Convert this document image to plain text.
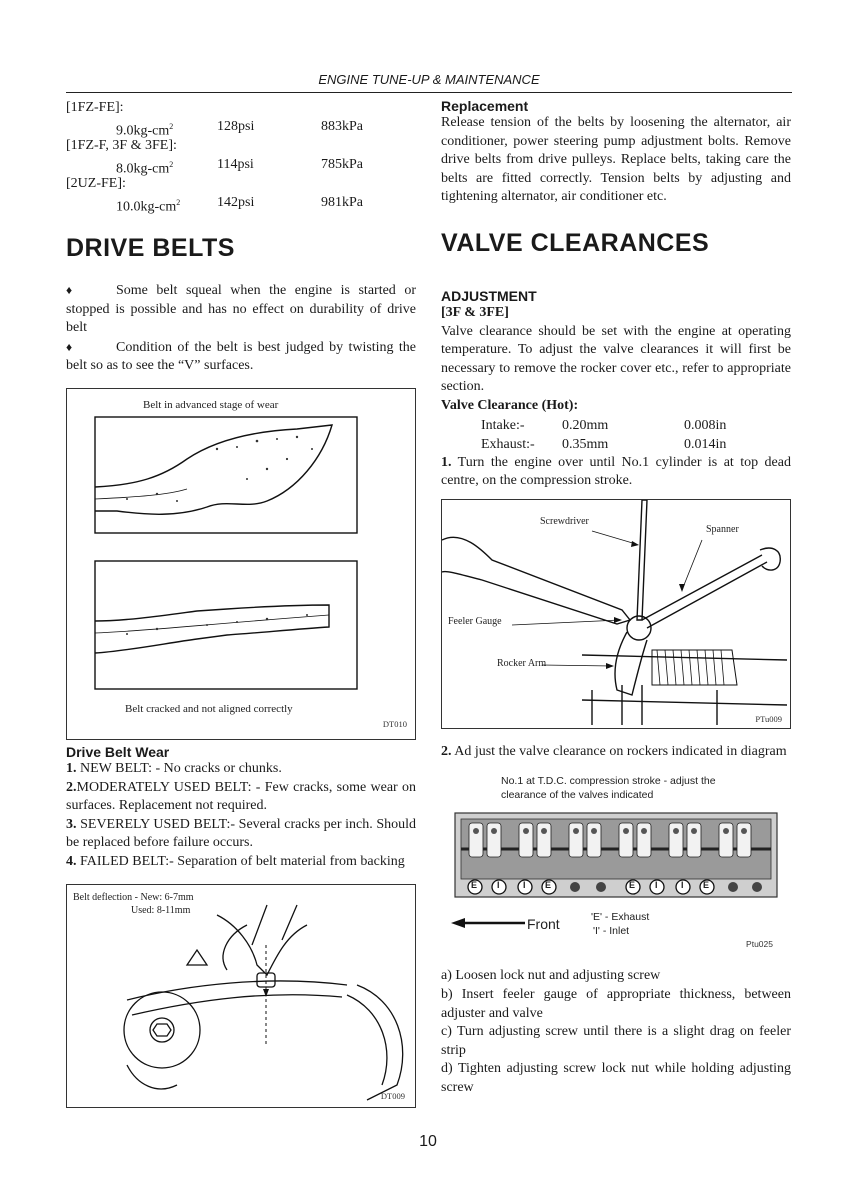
ENGINE TUNE-UP & MAINTENANCE
[1FZ-FE]:
$9.0kg-cm^2$	128psi	883kPa
[1FZ-F, 3F & 3FE]:
$8.0kg-cm^2$	114psi	785kPa
[2UZ-FE]:
$10.0kg-cm^2$	142psi	981kPa
DRIVE BELTS

♦	Some belt squeal when the engine is started or stopped is possible and has no effect on durability of drive belt

♦	Condition of the belt is best judged by twisting the belt so as to see the “V” surfaces.

Belt in advanced stage of wear
Belt cracked and not aligned correctly
DT010
Drive Belt Wear

1. NEW BELT: - No cracks or chunks.

2.MODERATELY USED BELT: - Few cracks, some wear on surfaces. Replacement not required.

3. SEVERELY USED BELT:- Several cracks per inch. Should be replaced before failure occurs.

4. FAILED BELT:- Separation of belt material from backing

Belt deflection - New: 6-7mm
Used: 8-11mm
DT009
Replacement

Release tension of the belts by loosening the alternator, air conditioner, power steering pump adjustment bolts. Remove drive belts from drive pulleys. Replace belts, taking care the belts are fitted correctly. Tension belts by adjusting and tightening alternator, air conditioner etc.

VALVE CLEARANCES
ADJUSTMENT

[3F & 3FE]

Valve clearance should be set with the engine at operating temperature. To adjust the valve clearances it will first be necessary to remove the rocker cover etc., refer to appropriate section.

Valve Clearance (Hot):

Intake:-	0.20mm	0.008in
Exhaust:- 0.35mm	0.014in

1. Turn the engine over until No.1 cylinder is at top dead centre, on the compression stroke.

Screwdriver
Spanner
Feeler Gauge
Rocker Arm
PTu009

2. Ad just the valve clearance on rockers indicated in diagram

No.1 at T.D.C. compression stroke - adjust the
clearance of the valves indicated
E I	I E	E I	I E
Front	'E' - Exhaust
'I' - Inlet
Ptu025

a) Loosen lock nut and adjusting screw

b) Insert feeler gauge of appropriate thickness, between adjuster and valve

c) Turn adjusting screw until there is a slight drag on feeler strip

d) Tighten adjusting screw lock nut while holding adjusting screw

10
